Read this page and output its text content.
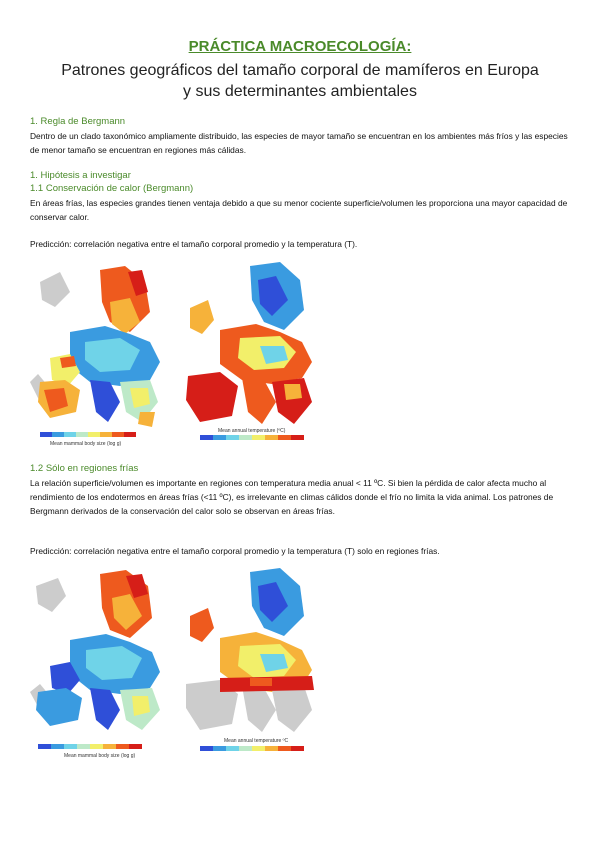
PRÁCTICA MACROECOLOGÍA:
Patrones geográficos del tamaño corporal de mamíferos en Europa y sus determinantes ambientales
1. Regla de Bergmann
Dentro de un clado taxonómico ampliamente distribuido, las especies de mayor tamaño se encuentran en los ambientes más fríos y las especies de menor tamaño se encuentran en regiones más cálidas.
1. Hipótesis a investigar
1.1 Conservación de calor (Bergmann)
En áreas frías, las especies grandes tienen ventaja debido a que su menor cociente superficie/volumen les proporciona una mayor capacidad de conservar calor.
Predicción: correlación negativa entre el tamaño corporal promedio y la temperatura (T).
Mean mammal body size (log g)
Mean annual temperature (ºC)
1.2 Sólo en regiones frías
La relación superficie/volumen es importante en regiones con temperatura media anual < 11 ºC. Si bien la pérdida de calor afecta mucho al rendimiento de los endotermos en áreas frías (<11 ºC), es irrelevante en climas cálidos donde el frío no limita la vida animal. Los patrones de Bergmann derivados de la conservación del calor solo se observan en áreas frías.
Predicción: correlación negativa entre el tamaño corporal promedio y la temperatura (T) solo en regiones frías.
Mean mammal body size (log g)
Mean annual temperature ºC
